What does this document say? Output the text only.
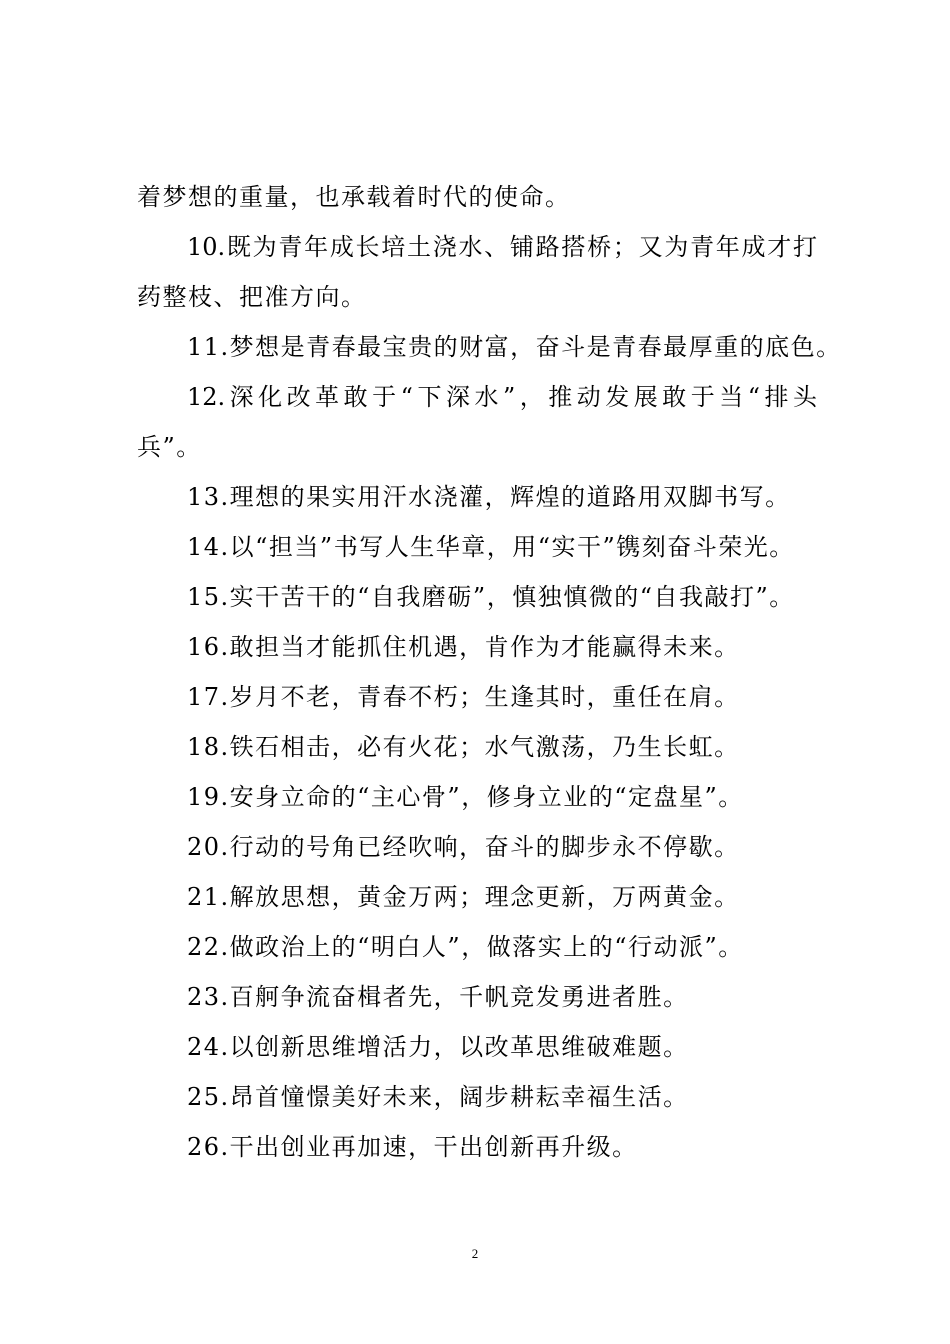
着梦想的重量，也承载着时代的使命。
10.既为青年成长培土浇水、铺路搭桥；又为青年成才打
药整枝、把准方向。
11.梦想是青春最宝贵的财富，奋斗是青春最厚重的底色。
12.深化改革敢于“下深水”，推动发展敢于当“排头
兵”。
13.理想的果实用汗水浇灌，辉煌的道路用双脚书写。
14.以“担当”书写人生华章，用“实干”镌刻奋斗荣光。
15.实干苦干的“自我磨砺”，慎独慎微的“自我敲打”。
16.敢担当才能抓住机遇，肯作为才能赢得未来。
17.岁月不老，青春不朽；生逢其时，重任在肩。
18.铁石相击，必有火花；水气激荡，乃生长虹。
19.安身立命的“主心骨”，修身立业的“定盘星”。
20.行动的号角已经吹响，奋斗的脚步永不停歇。
21.解放思想，黄金万两；理念更新，万两黄金。
22.做政治上的“明白人”，做落实上的“行动派”。
23.百舸争流奋楫者先，千帆竞发勇进者胜。
24.以创新思维增活力，以改革思维破难题。
25.昂首憧憬美好未来，阔步耕耘幸福生活。
26.干出创业再加速，干出创新再升级。
2
